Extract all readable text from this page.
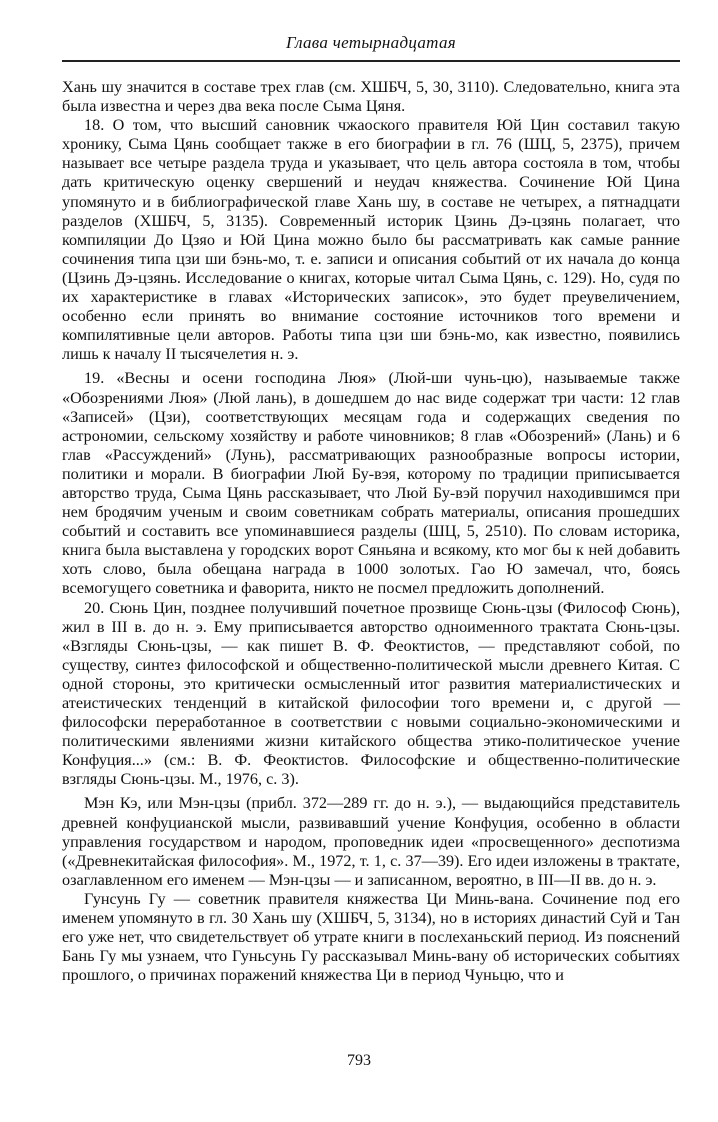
Глава четырнадцатая

Хань шу значится в составе трех глав (см. ХШБЧ, 5, 30, 3110). Следовательно, книга эта была известна и через два века после Сыма Цяня.

18. О том, что высший сановник чжаоского правителя Юй Цин составил такую хронику, Сыма Цянь сообщает также в его биографии в гл. 76 (ШЦ, 5, 2375), причем называет все четыре раздела труда и указывает, что цель автора состояла в том, чтобы дать критическую оценку свершений и неудач княжества. Сочинение Юй Цина упомянуто и в библиографической главе Хань шу, в составе не четырех, а пятнадцати разделов (ХШБЧ, 5, 3135). Современный историк Цзинь Дэ-цзянь полагает, что компиляции До Цзяо и Юй Цина можно было бы рассматривать как самые ранние сочинения типа цзи ши бэнь-мо, т. е. записи и описания событий от их начала до конца (Цзинь Дэ-цзянь. Исследование о книгах, которые читал Сыма Цянь, с. 129). Но, судя по их характеристике в главах «Исторических записок», это будет преувеличением, особенно если принять во внимание состояние источников того времени и компилятивные цели авторов. Работы типа цзи ши бэнь-мо, как известно, появились лишь к началу II тысячелетия н. э.

19. «Весны и осени господина Люя» (Люй-ши чунь-цю), называемые также «Обозрениями Люя» (Люй лань), в дошедшем до нас виде содержат три части: 12 глав «Записей» (Цзи), соответствующих месяцам года и содержащих сведения по астрономии, сельскому хозяйству и работе чиновников; 8 глав «Обозрений» (Лань) и 6 глав «Рассуждений» (Лунь), рассматривающих разнообразные вопросы истории, политики и морали. В биографии Люй Бу-вэя, которому по традиции приписывается авторство труда, Сыма Цянь рассказывает, что Люй Бу-вэй поручил находившимся при нем бродячим ученым и своим советникам собрать материалы, описания прошедших событий и составить все упоминавшиеся разделы (ШЦ, 5, 2510). По словам историка, книга была выставлена у городских ворот Сяньяна и всякому, кто мог бы к ней добавить хоть слово, была обещана награда в 1000 золотых. Гао Ю замечал, что, боясь всемогущего советника и фаворита, никто не посмел предложить дополнений.

20. Сюнь Цин, позднее получивший почетное прозвище Сюнь-цзы (Философ Сюнь), жил в III в. до н. э. Ему приписывается авторство одноименного трактата Сюнь-цзы. «Взгляды Сюнь-цзы, — как пишет В. Ф. Феоктистов, — представляют собой, по существу, синтез философской и общественно-политической мысли древнего Китая. С одной стороны, это критически осмысленный итог развития материалистических и атеистических тенденций в китайской философии того времени и, с другой — философски переработанное в соответствии с новыми социально-экономическими и политическими явлениями жизни китайского общества этико-политическое учение Конфуция...» (см.: В. Ф. Феоктистов. Философские и общественно-политические взгляды Сюнь-цзы. М., 1976, с. 3).

Мэн Кэ, или Мэн-цзы (прибл. 372—289 гг. до н. э.), — выдающийся представитель древней конфуцианской мысли, развивавший учение Конфуция, особенно в области управления государством и народом, проповедник идеи «просвещенного» деспотизма («Древнекитайская философия». М., 1972, т. 1, с. 37—39). Его идеи изложены в трактате, озаглавленном его именем — Мэн-цзы — и записанном, вероятно, в III—II вв. до н. э.

Гунсунь Гу — советник правителя княжества Ци Минь-вана. Сочинение под его именем упомянуто в гл. 30 Хань шу (ХШБЧ, 5, 3134), но в историях династий Суй и Тан его уже нет, что свидетельствует об утрате книги в послеханьский период. Из пояснений Бань Гу мы узнаем, что Гуньсунь Гу рассказывал Минь-вану об исторических событиях прошлого, о причинах поражений княжества Ци в период Чуньцю, что и

793
